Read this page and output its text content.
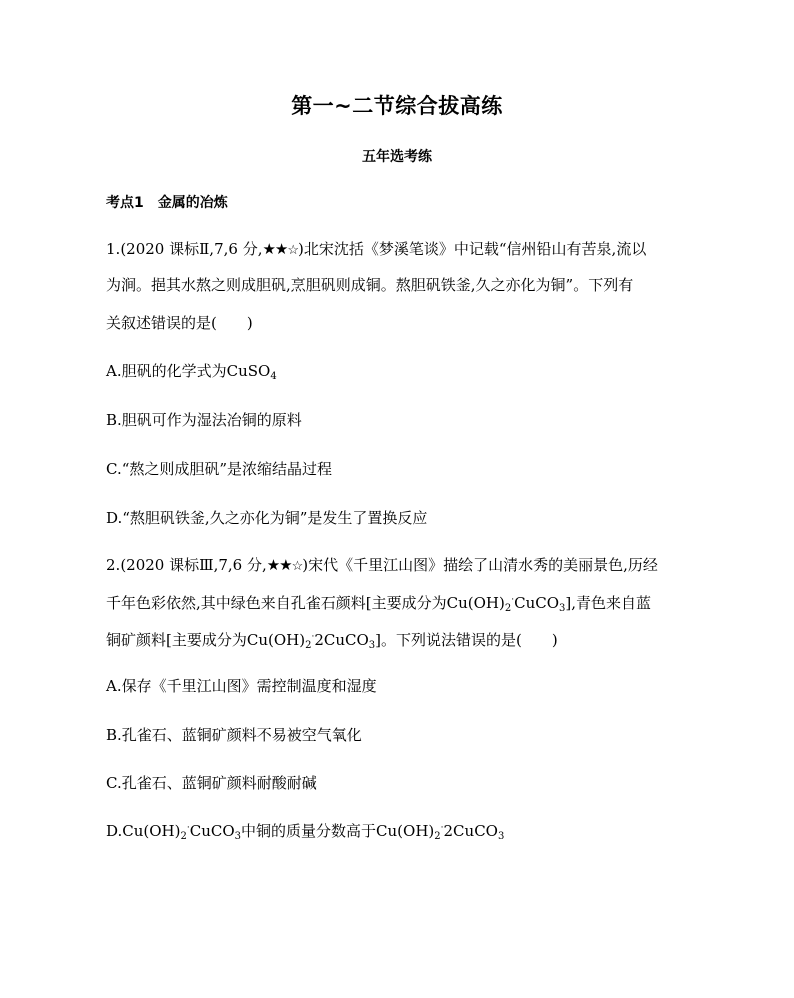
第一~二节综合拔高练
五年选考练
考点1 金属的冶炼
1.(2020 课标Ⅱ,7,6 分,★★☆)北宋沈括《梦溪笔谈》中记载“信州铅山有苦泉,流以
为涧。挹其水熬之则成胆矾,烹胆矾则成铜。熬胆矾铁釜,久之亦化为铜”。下列有
关叙述错误的是( )
A.胆矾的化学式为CuSO$_4$
B.胆矾可作为湿法冶铜的原料
C.“熬之则成胆矾”是浓缩结晶过程
D.“熬胆矾铁釜,久之亦化为铜”是发生了置换反应
2.(2020 课标Ⅲ,7,6 分,★★☆)宋代《千里江山图》描绘了山清水秀的美丽景色,历经
千年色彩依然,其中绿色来自孔雀石颜料[主要成分为$Cu(OH)_2^\cdot CuCO_3$],青色来自蓝
铜矿颜料[主要成分为$Cu(OH)_2^\cdot 2CuCO_3$]。下列说法错误的是( )
A.保存《千里江山图》需控制温度和湿度
B.孔雀石、蓝铜矿颜料不易被空气氧化
C.孔雀石、蓝铜矿颜料耐酸耐碱
$D.Cu(OH)_2^\cdot CuCO_3$中铜的质量分数高于$Cu(OH)_2^\cdot 2CuCO_3$
